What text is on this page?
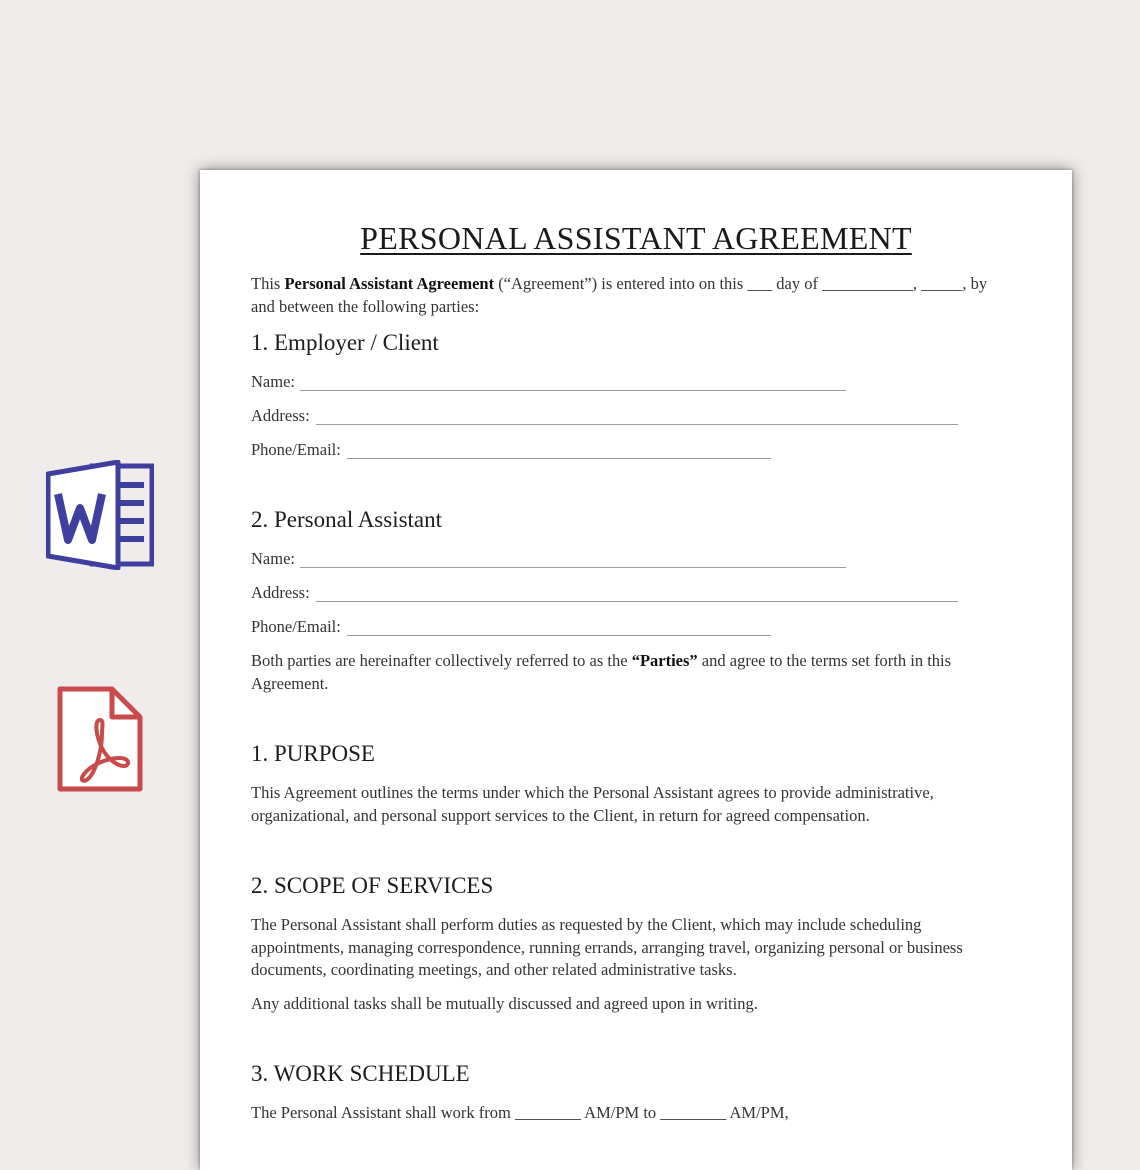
PERSONAL ASSISTANT AGREEMENT
This Personal Assistant Agreement (“Agreement”) is entered into on this ___ day of ___________, _____, by
and between the following parties:
1. Employer / Client
Name:
Address:
Phone/Email:
2. Personal Assistant
Name:
Address:
Phone/Email:
Both parties are hereinafter collectively referred to as the “Parties” and agree to the terms set forth in this
Agreement.
1. PURPOSE
This Agreement outlines the terms under which the Personal Assistant agrees to provide administrative,
organizational, and personal support services to the Client, in return for agreed compensation.
2. SCOPE OF SERVICES
The Personal Assistant shall perform duties as requested by the Client, which may include scheduling
appointments, managing correspondence, running errands, arranging travel, organizing personal or business
documents, coordinating meetings, and other related administrative tasks.
Any additional tasks shall be mutually discussed and agreed upon in writing.
3. WORK SCHEDULE
The Personal Assistant shall work from ________ AM/PM to ________ AM/PM,
